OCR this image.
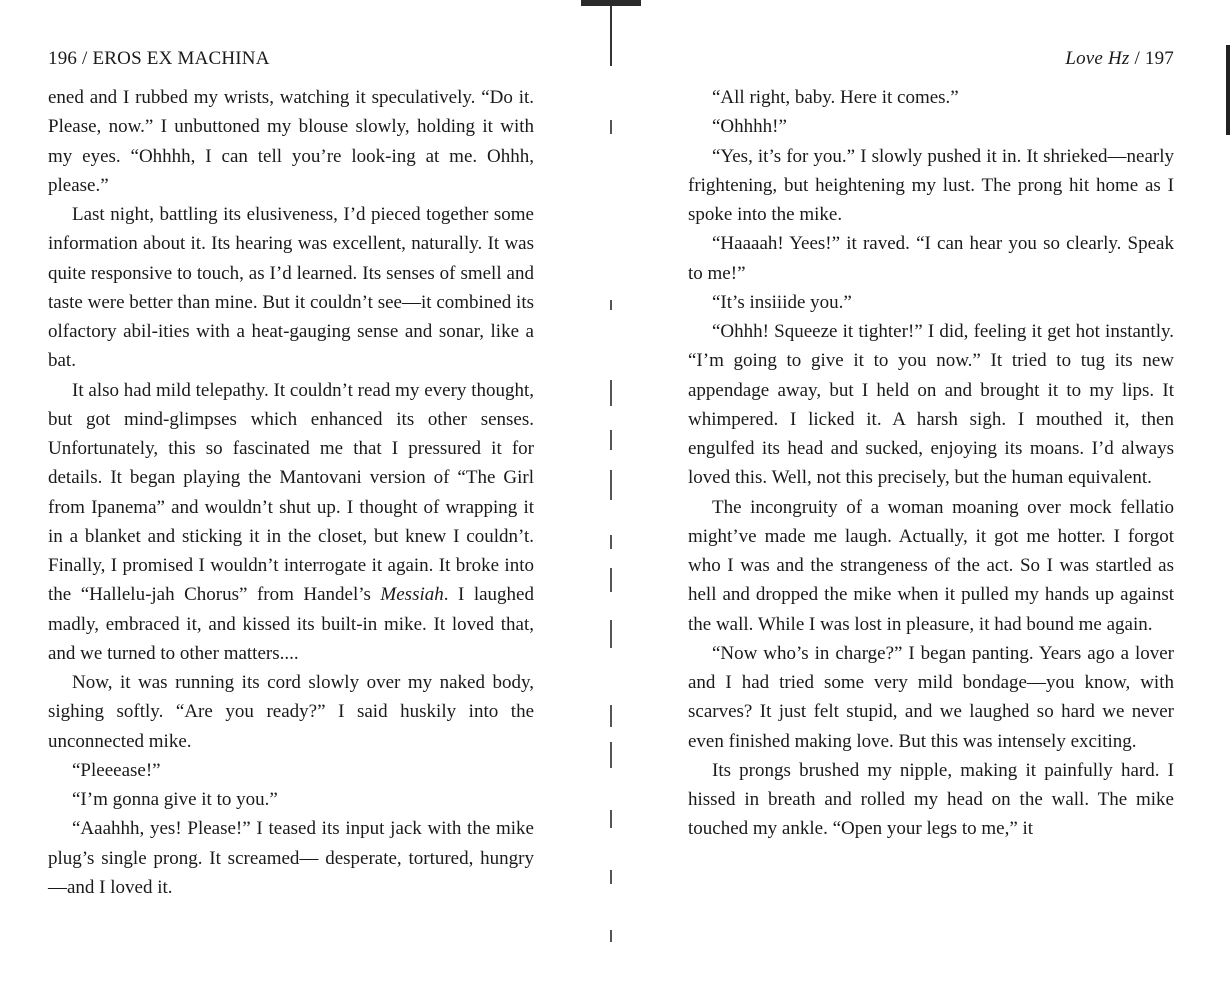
196 / EROS EX MACHINA

ened and I rubbed my wrists, watching it speculatively. “Do it. Please, now.” I unbuttoned my blouse slowly, holding it with my eyes. “Ohhhh, I can tell you’re look-ing at me. Ohhh, please.”

Last night, battling its elusiveness, I’d pieced together some information about it. Its hearing was excellent, naturally. It was quite responsive to touch, as I’d learned. Its senses of smell and taste were better than mine. But it couldn’t see—it combined its olfactory abil-ities with a heat-gauging sense and sonar, like a bat.

It also had mild telepathy. It couldn’t read my every thought, but got mind-glimpses which enhanced its other senses. Unfortunately, this so fascinated me that I pressured it for details. It began playing the Mantovani version of “The Girl from Ipanema” and wouldn’t shut up. I thought of wrapping it in a blanket and sticking it in the closet, but knew I couldn’t. Finally, I promised I wouldn’t interrogate it again. It broke into the “Hallelu-jah Chorus” from Handel’s Messiah. I laughed madly, embraced it, and kissed its built-in mike. It loved that, and we turned to other matters....

Now, it was running its cord slowly over my naked body, sighing softly. “Are you ready?” I said huskily into the unconnected mike.

“Pleeease!”

“I’m gonna give it to you.”

“Aaahhh, yes! Please!” I teased its input jack with the mike plug’s single prong. It screamed— desperate, tortured, hungry—and I loved it.

Love Hz / 197

“All right, baby. Here it comes.”

“Ohhhh!”

“Yes, it’s for you.” I slowly pushed it in. It shrieked—nearly frightening, but heightening my lust. The prong hit home as I spoke into the mike.

“Haaaah! Yees!” it raved. “I can hear you so clearly. Speak to me!”

“It’s insiiide you.”

“Ohhh! Squeeze it tighter!” I did, feeling it get hot instantly. “I’m going to give it to you now.” It tried to tug its new appendage away, but I held on and brought it to my lips. It whimpered. I licked it. A harsh sigh. I mouthed it, then engulfed its head and sucked, enjoying its moans. I’d always loved this. Well, not this precisely, but the human equivalent.

The incongruity of a woman moaning over mock fellatio might’ve made me laugh. Actually, it got me hotter. I forgot who I was and the strangeness of the act. So I was startled as hell and dropped the mike when it pulled my hands up against the wall. While I was lost in pleasure, it had bound me again.

“Now who’s in charge?” I began panting. Years ago a lover and I had tried some very mild bondage—you know, with scarves? It just felt stupid, and we laughed so hard we never even finished making love. But this was intensely exciting.

Its prongs brushed my nipple, making it painfully hard. I hissed in breath and rolled my head on the wall. The mike touched my ankle. “Open your legs to me,” it
